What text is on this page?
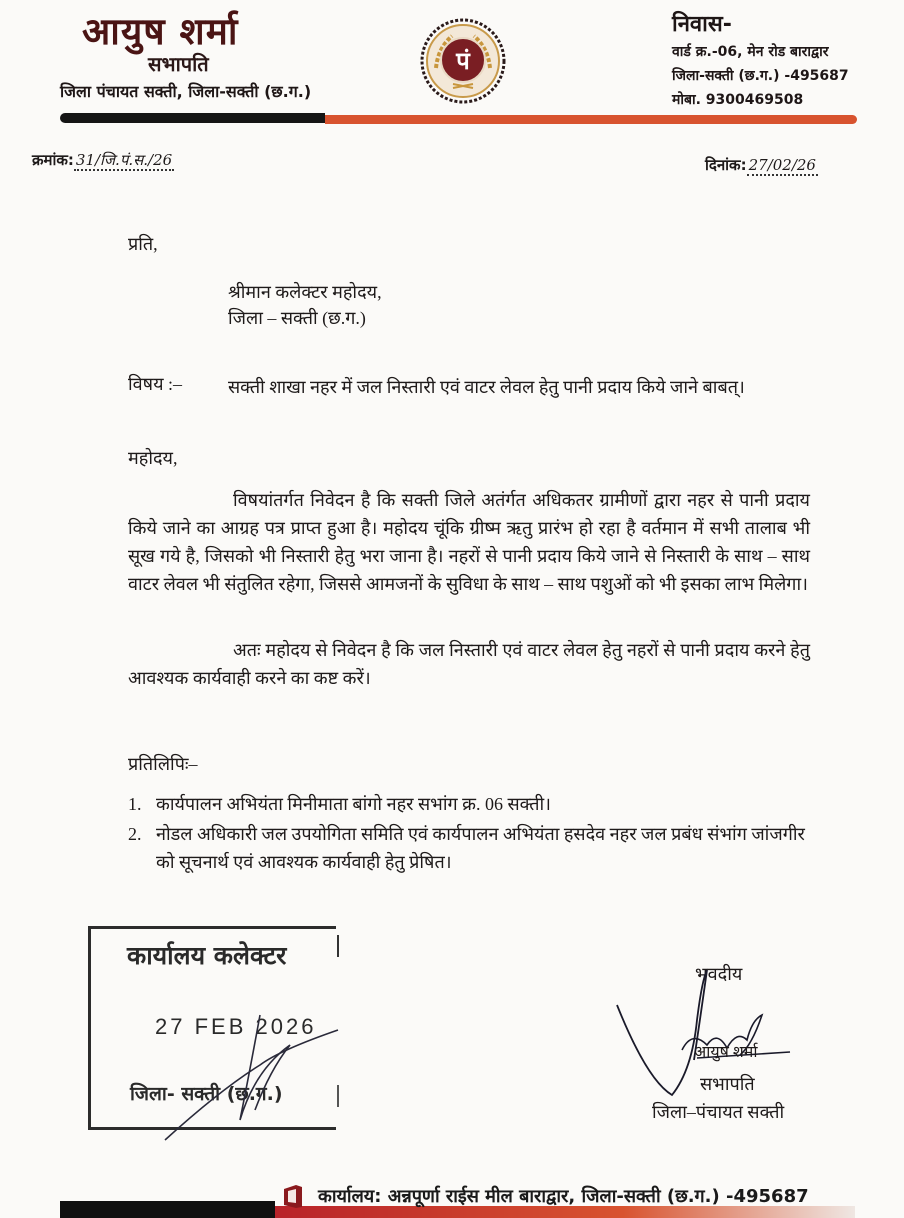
आयुष शर्मा
सभापति
जिला पंचायत सक्ती, जिला-सक्ती (छ.ग.)
पं
निवास-
वार्ड क्र.-06, मेन रोड बाराद्वार
जिला-सक्ती (छ.ग.) -495687
मोबा. 9300469508
क्रमांक: 31/जि.पं.स./26	दिनांक: 27/02/26
प्रति,
श्रीमान कलेक्टर महोदय,
जिला – सक्ती (छ.ग.)
विषय :–	सक्ती शाखा नहर में जल निस्तारी एवं वाटर लेवल हेतु पानी प्रदाय किये जाने बाबत्।
महोदय,
विषयांतर्गत निवेदन है कि सक्ती जिले अतंर्गत अधिकतर ग्रामीणों द्वारा नहर से पानी प्रदाय किये जाने का आग्रह पत्र प्राप्त हुआ है। महोदय चूंकि ग्रीष्म ऋतु प्रारंभ हो रहा है वर्तमान में सभी तालाब भी सूख गये है, जिसको भी निस्तारी हेतु भरा जाना है। नहरों से पानी प्रदाय किये जाने से निस्तारी के साथ – साथ वाटर लेवल भी संतुलित रहेगा, जिससे आमजनों के सुविधा के साथ – साथ पशुओं को भी इसका लाभ मिलेगा।
अतः महोदय से निवेदन है कि जल निस्तारी एवं वाटर लेवल हेतु नहरों से पानी प्रदाय करने हेतु आवश्यक कार्यवाही करने का कष्ट करें।
प्रतिलिपिः–
1. कार्यपालन अभियंता मिनीमाता बांगो नहर सभांग क्र. 06 सक्ती।
2. नोडल अधिकारी जल उपयोगिता समिति एवं कार्यपालन अभियंता हसदेव नहर जल प्रबंध संभांग जांजगीर को सूचनार्थ एवं आवश्यक कार्यवाही हेतु प्रेषित।
कार्यालय कलेक्टर
27 FEB 2026
जिला- सक्ती (छ.ग.)
भवदीय
आयुष शर्मा
सभापति
जिला–पंचायत सक्ती
कार्यालय: अन्नपूर्णा राईस मील बाराद्वार, जिला-सक्ती (छ.ग.) -495687
